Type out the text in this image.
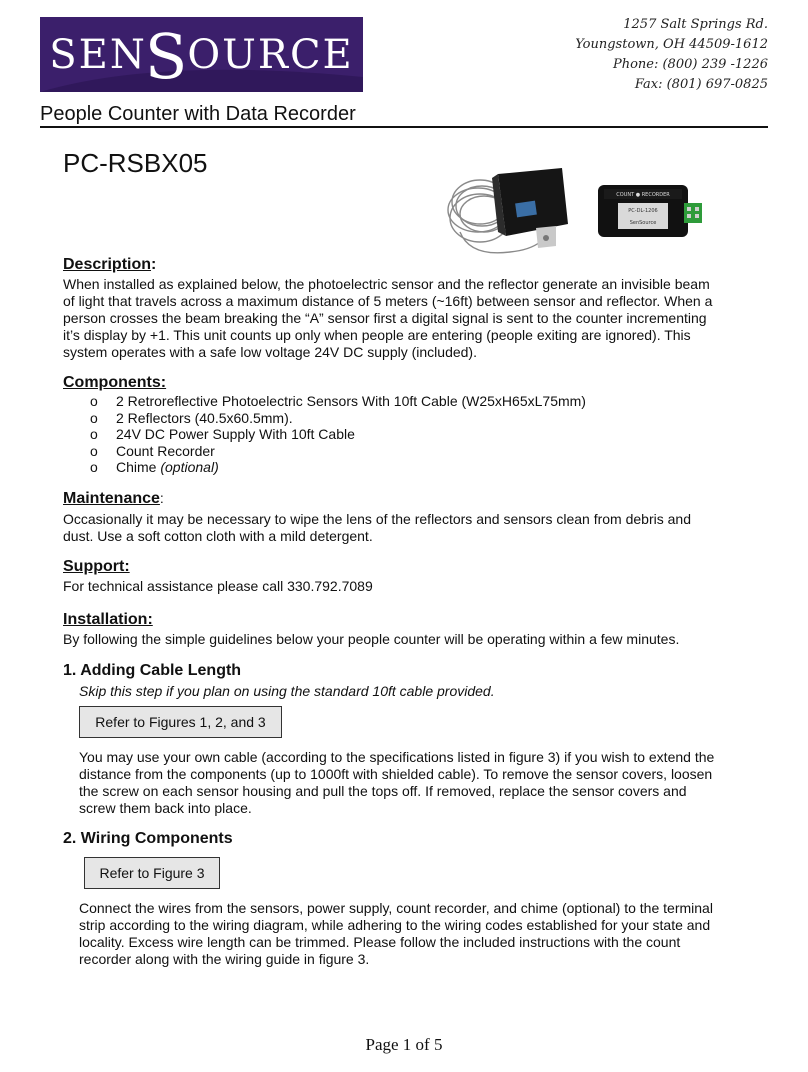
SEN
S
OURCE
1257 Salt Springs Rd.
Youngstown, OH 44509-1612
Phone: (800) 239 -1226
Fax: (801) 697-0825
People Counter with Data Recorder
PC-RSBX05
COUNT ● RECORDER
PC-DL-1206
SenSource
Description:
When installed as explained below, the photoelectric sensor and the reflector generate an invisible beam
of light that travels across a maximum distance of 5 meters (~16ft) between sensor and reflector. When a
person crosses the beam breaking the “A” sensor first a digital signal is sent to the counter incrementing
it’s display by +1. This unit counts up only when people are entering (people exiting are ignored). This
system operates with a safe low voltage 24V DC supply (included).
Components:
o 2 Retroreflective Photoelectric Sensors With 10ft Cable (W25xH65xL75mm)
o 2 Reflectors (40.5x60.5mm).
o 24V DC Power Supply With 10ft Cable
o Count Recorder
o Chime (optional)
Maintenance:
Occasionally it may be necessary to wipe the lens of the reflectors and sensors clean from debris and
dust. Use a soft cotton cloth with a mild detergent.
Support:
For technical assistance please call 330.792.7089
Installation:
By following the simple guidelines below your people counter will be operating within a few minutes.
1. Adding Cable Length
Skip this step if you plan on using the standard 10ft cable provided.
Refer to Figures 1, 2, and 3
You may use your own cable (according to the specifications listed in figure 3) if you wish to extend the
distance from the components (up to 1000ft with shielded cable). To remove the sensor covers, loosen
the screw on each sensor housing and pull the tops off. If removed, replace the sensor covers and
screw them back into place.
2. Wiring Components
Refer to Figure 3
Connect the wires from the sensors, power supply, count recorder, and chime (optional) to the terminal
strip according to the wiring diagram, while adhering to the wiring codes established for your state and
locality. Excess wire length can be trimmed. Please follow the included instructions with the count
recorder along with the wiring guide in figure 3.
Page 1 of 5
